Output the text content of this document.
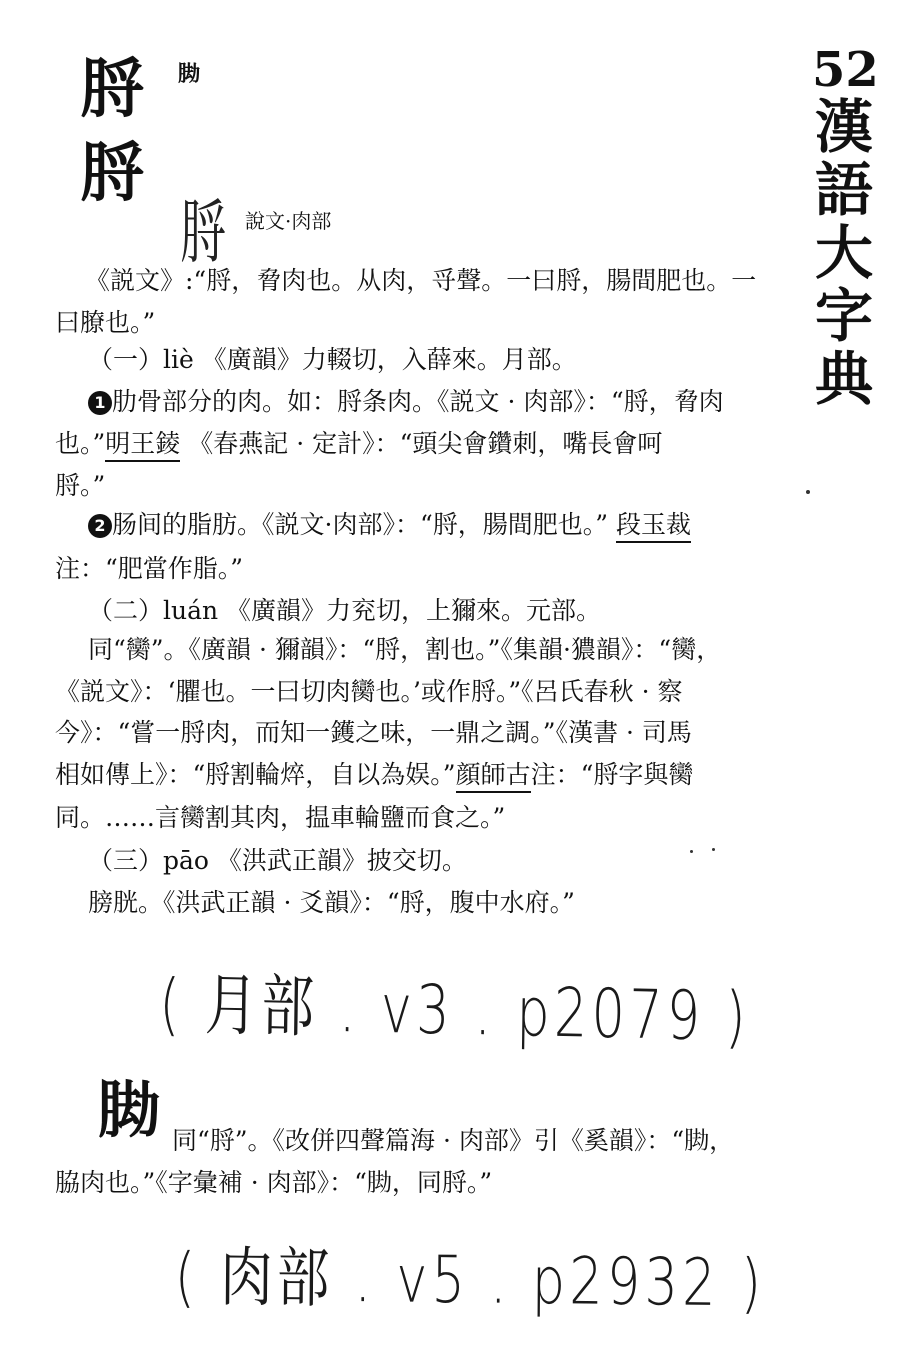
52
漢
語
大
字
典
脟 𦛕
脟
脟 說文·肉部
《説文》:“脟，脅肉也。从肉，寽聲。一曰脟，腸間肥也。一
曰膫也。”
（一）liè 《廣韻》力輟切，入薛來。月部。
1 肋骨部分的肉。如：脟条肉。《説文 · 肉部》：“脟，脅肉
也。”明王錂 《春燕記 · 定計》：“頭尖會鑽刺，嘴長會呵
脟。”
2 肠间的脂肪。《説文·肉部》：“脟，腸間肥也。” 段玉裁
注：“肥當作脂。”
（二）luán 《廣韻》力兖切，上獮來。元部。
同“臠”。《廣韻 · 獮韻》：“脟，割也。”《集韻·㺜韻》：“臠，
《説文》：‘臞也。一曰切肉臠也。’或作脟。”《呂氏春秋 · 察
今》：“嘗一脟肉，而知一鑊之味，一鼎之調。”《漢書 · 司馬
相如傳上》：“脟割輪焠，自以為娱。”顔師古注：“脟字與臠
同。……言臠割其肉，揾車輪鹽而食之。”
（三）pāo 《洪武正韻》披交切。
膀胱。《洪武正韻 · 爻韻》：“脟，腹中水府。”
( 月部 . v3 . p2079 )
𦛕 同“脟”。《改併四聲篇海 · 肉部》引《奚韻》：“𦛕，
脇肉也。”《字彙補 · 肉部》：“𦛕，同脟。”
( 肉部 . v5 . p2932 )
